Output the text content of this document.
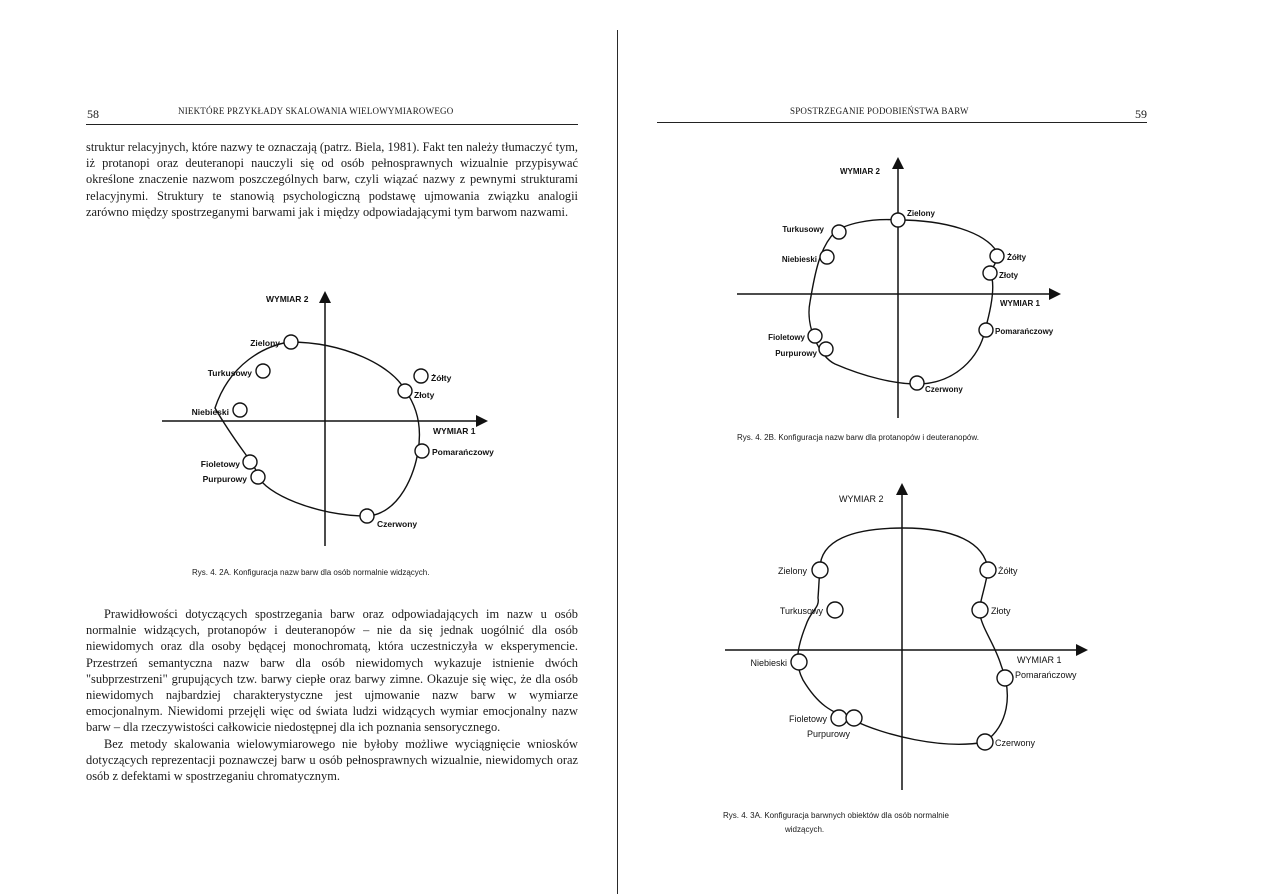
58	NIEKTÓRE PRZYKŁADY SKALOWANIA WIELOWYMIAROWEGO

struktur relacyjnych, które nazwy te oznaczają (patrz. Biela, 1981). Fakt ten należy tłumaczyć tym, iż protanopi oraz deuteranopi nauczyli się od osób pełnosprawnych wizualnie przypisywać określone znaczenie nazwom poszczególnych barw, czyli wiązać nazwy z pewnymi strukturami relacyjnymi. Struktury te stanowią psychologiczną podstawę ujmowania związku analogii zarówno między spostrzeganymi barwami jak i między odpowiadającymi tym barwom nazwami.

WYMIAR 2
WYMIAR 1
Zielony
Turkusowy
Niebieski
Fioletowy
Purpurowy
Czerwony
Pomarańczowy
Żółty
Złoty
Rys. 4. 2A. Konfiguracja nazw barw dla osób normalnie widzących.

Prawidłowości dotyczących spostrzegania barw oraz odpowiadających im nazw u osób normalnie widzących, protanopów i deuteranopów – nie da się jednak uogólnić dla osób niewidomych oraz dla osoby będącej monochromatą, która uczestniczyła w eksperymencie. Przestrzeń semantyczna nazw barw dla osób niewidomych wykazuje istnienie dwóch "subprzestrzeni" grupujących tzw. barwy ciepłe oraz barwy zimne. Okazuje się więc, że dla osób niewidomych najbardziej charakterystyczne jest ujmowanie nazw barw w wymiarze emocjonalnym. Niewidomi przejęli więc od świata ludzi widzących wymiar emocjonalny nazw barw – dla rzeczywistości całkowicie niedostępnej dla ich poznania sensorycznego.

Bez metody skalowania wielowymiarowego nie byłoby możliwe wyciągnięcie wniosków dotyczących reprezentacji poznawczej barw u osób pełnosprawnych wizualnie, niewidomych oraz osób z defektami w spostrzeganiu chromatycznym.

SPOSTRZEGANIE PODOBIEŃSTWA BARW	59
WYMIAR 2
WYMIAR 1
Zielony
Turkusowy
Niebieski	Żółty
Złoty
Pomarańczowy
Fioletowy
Purpurowy
Czerwony
Rys. 4. 2B. Konfiguracja nazw barw dla protanopów i deuteranopów.
WYMIAR 2
WYMIAR 1
Zielony
Turkusowy
Niebieski
Fioletowy
Purpurowy
Czerwony
Pomarańczowy
Żółty
Złoty
Rys. 4. 3A. Konfiguracja barwnych obiektów dla osób normalnie
widzących.
